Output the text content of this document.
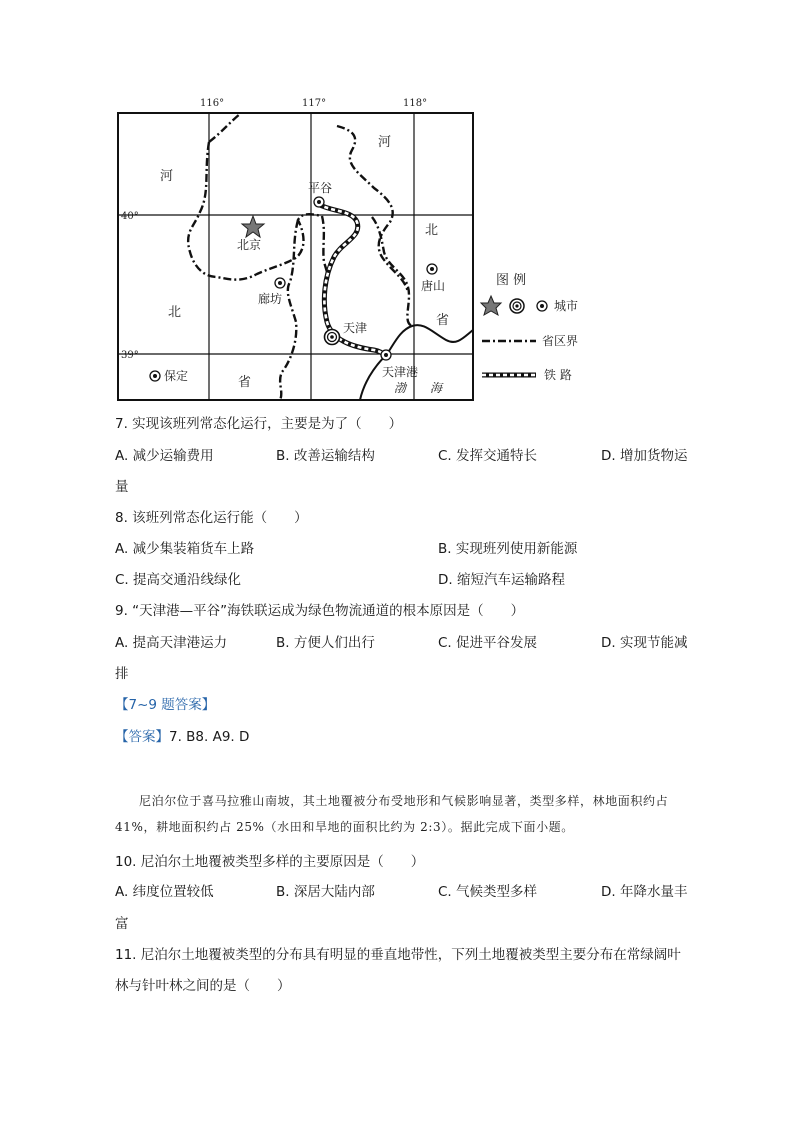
116°	117°	118°
40°
39°
平谷
北京
廊坊
天津
唐山
保定	天津港
河
北
省
河
北
省
渤 海
图 例
城市
省区界
铁 路
7. 实现该班列常态化运行，主要是为了（　　）
A. 减少运输费用	B. 改善运输结构	C. 发挥交通特长	D. 增加货物运
量
8. 该班列常态化运行能（　　）
A. 减少集装箱货车上路	B. 实现班列使用新能源
C. 提高交通沿线绿化	D. 缩短汽车运输路程
9. “天津港—平谷”海铁联运成为绿色物流通道的根本原因是（　　）
A. 提高天津港运力	B. 方便人们出行	C. 促进平谷发展	D. 实现节能减
排
【7~9 题答案】
【答案】7. B8. A9. D
尼泊尔位于喜马拉雅山南坡，其土地覆被分布受地形和气候影响显著，类型多样，林地面积约占 41%，耕地面积约占 25%（水田和旱地的面积比约为 2:3）。据此完成下面小题。
10. 尼泊尔土地覆被类型多样的主要原因是（　　）
A. 纬度位置较低	B. 深居大陆内部	C. 气候类型多样	D. 年降水量丰
富
11. 尼泊尔土地覆被类型的分布具有明显的垂直地带性，下列土地覆被类型主要分布在常绿阔叶
林与针叶林之间的是（　　）
